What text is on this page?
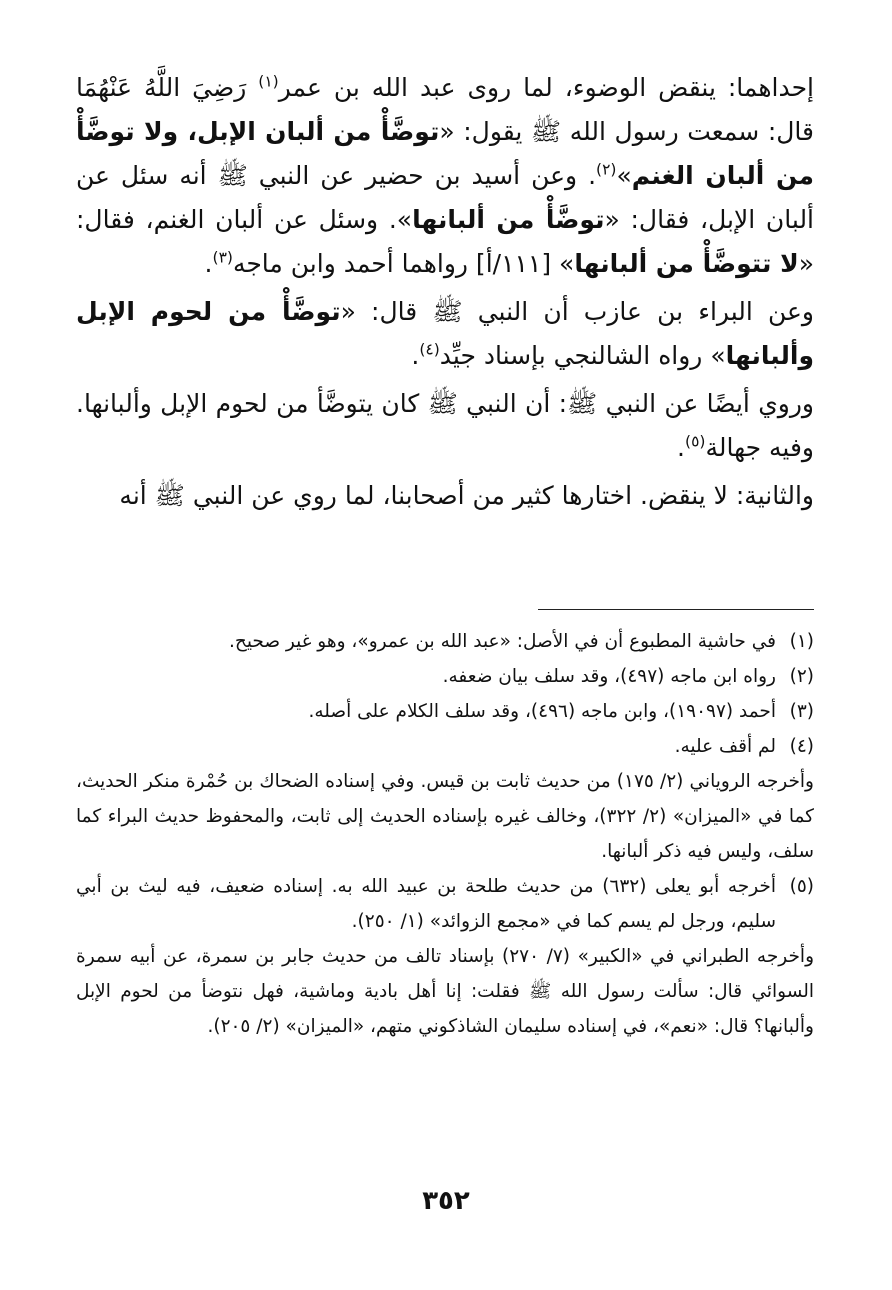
إحداهما: ينقض الوضوء، لما روى عبد الله بن عمر$^{(١)}$ رَضِيَ اللَّهُ عَنْهُمَا قال: سمعت رسول الله ﷺ يقول: «توضَّأْ من ألبان الإبل، ولا توضَّأْ من ألبان الغنم»$^{(٢)}$. وعن أسيد بن حضير عن النبي ﷺ أنه سئل عن ألبان الإبل، فقال: «توضَّأْ من ألبانها». وسئل عن ألبان الغنم، فقال: «لا تتوضَّأْ من ألبانها» [١١١/أ] رواهما أحمد وابن ماجه$^{(٣)}$.

وعن البراء بن عازب أن النبي ﷺ قال: «توضَّأْ من لحوم الإبل وألبانها» رواه الشالنجي بإسناد جيِّد$^{(٤)}$.

وروي أيضًا عن النبي ﷺ: أن النبي ﷺ كان يتوضَّأ من لحوم الإبل وألبانها. وفيه جهالة$^{(٥)}$.

والثانية: لا ينقض. اختارها كثير من أصحابنا، لما روي عن النبي ﷺ أنه

(١)
في حاشية المطبوع أن في الأصل: «عبد الله بن عمرو»، وهو غير صحيح.
(٢)
رواه ابن ماجه (٤٩٧)، وقد سلف بيان ضعفه.
(٣)
أحمد (١٩٠٩٧)، وابن ماجه (٤٩٦)، وقد سلف الكلام على أصله.
(٤)
لم أقف عليه.

وأخرجه الروياني (٢/ ١٧٥) من حديث ثابت بن قيس. وفي إسناده الضحاك بن حُمْرة منكر الحديث، كما في «الميزان» (٢/ ٣٢٢)، وخالف غيره بإسناده الحديث إلى ثابت، والمحفوظ حديث البراء كما سلف، وليس فيه ذكر ألبانها.

(٥)
أخرجه أبو يعلى (٦٣٢) من حديث طلحة بن عبيد الله به. إسناده ضعيف، فيه ليث بن أبي سليم، ورجل لم يسم كما في «مجمع الزوائد» (١/ ٢٥٠).

وأخرجه الطبراني في «الكبير» (٧/ ٢٧٠) بإسناد تالف من حديث جابر بن سمرة، عن أبيه سمرة السوائي قال: سألت رسول الله ﷺ فقلت: إنا أهل بادية وماشية، فهل نتوضأ من لحوم الإبل وألبانها؟ قال: «نعم»، في إسناده سليمان الشاذكوني متهم، «الميزان» (٢/ ٢٠٥).

٣٥٢
